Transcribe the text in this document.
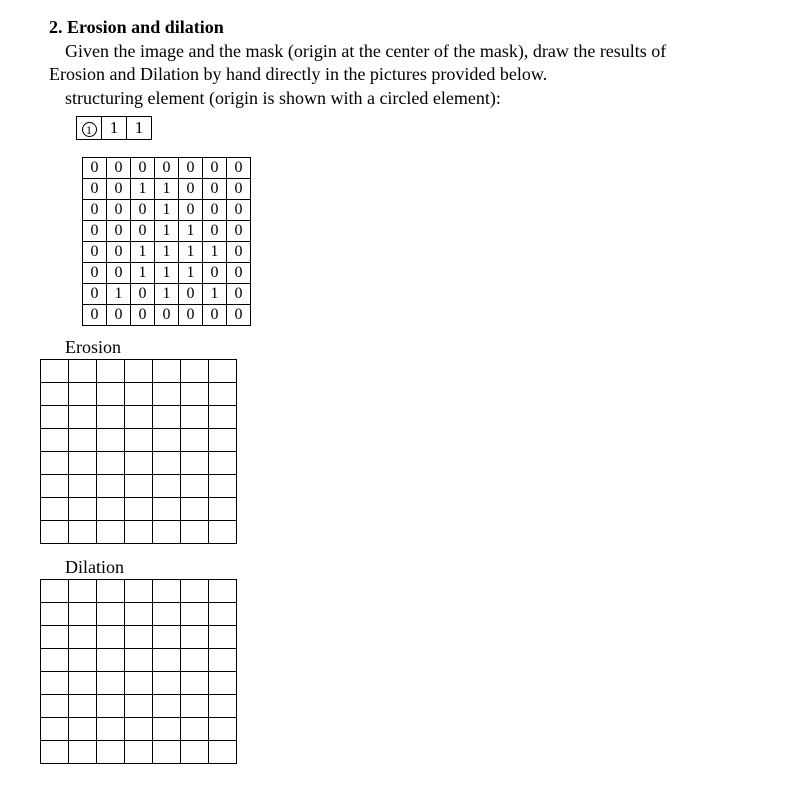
2. Erosion and dilation
Given the image and the mask (origin at the center of the mask), draw the results of
Erosion and Dilation by hand directly in the pictures provided below.
structuring element (origin is shown with a circled element):
1	1	1
0	0	0	0	0	0	0
0	0	1	1	0	0	0
0	0	0	1	0	0	0
0	0	0	1	1	0	0
0	0	1	1	1	1	0
0	0	1	1	1	0	0
0	1	0	1	0	1	0
0	0	0	0	0	0	0
Erosion

Dilation
